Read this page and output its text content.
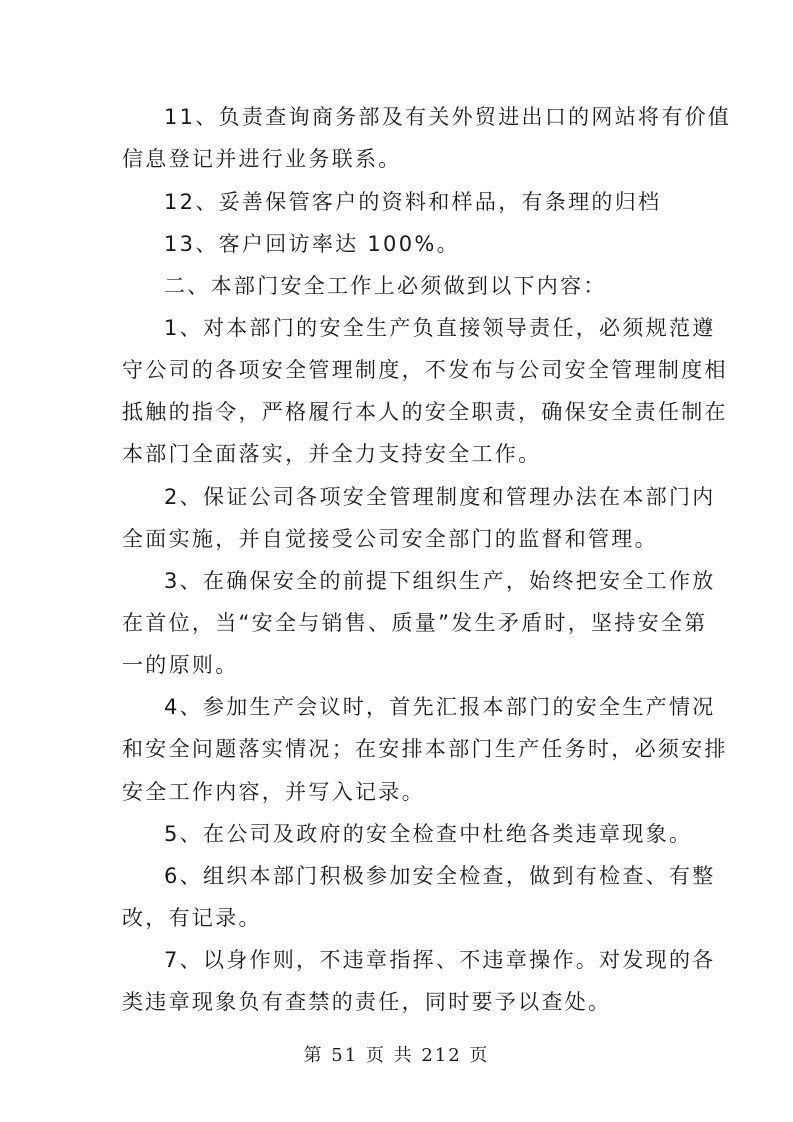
11、负责查询商务部及有关外贸进出口的网站将有价值
信息登记并进行业务联系。
12、妥善保管客户的资料和样品，有条理的归档
13、客户回访率达 100%。
二、本部门安全工作上必须做到以下内容：
1、对本部门的安全生产负直接领导责任，必须规范遵
守公司的各项安全管理制度，不发布与公司安全管理制度相
抵触的指令，严格履行本人的安全职责，确保安全责任制在
本部门全面落实，并全力支持安全工作。
2、保证公司各项安全管理制度和管理办法在本部门内
全面实施，并自觉接受公司安全部门的监督和管理。
3、在确保安全的前提下组织生产，始终把安全工作放
在首位，当“安全与销售、质量”发生矛盾时，坚持安全第
一的原则。
4、参加生产会议时，首先汇报本部门的安全生产情况
和安全问题落实情况；在安排本部门生产任务时，必须安排
安全工作内容，并写入记录。
5、在公司及政府的安全检查中杜绝各类违章现象。
6、组织本部门积极参加安全检查，做到有检查、有整
改，有记录。
7、以身作则，不违章指挥、不违章操作。对发现的各
类违章现象负有查禁的责任，同时要予以查处。
第 51 页 共 212 页
